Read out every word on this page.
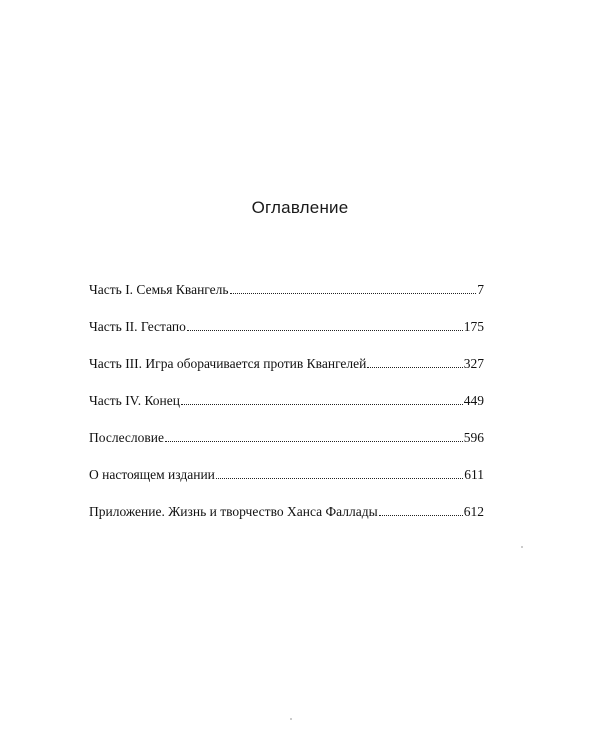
Оглавление
Часть I. Семья Квангель	7
Часть II. Гестапо	175
Часть III. Игра оборачивается против Квангелей	327
Часть IV. Конец	449
Послесловие	596
О настоящем издании	611
Приложение. Жизнь и творчество Ханса Фаллады	612
